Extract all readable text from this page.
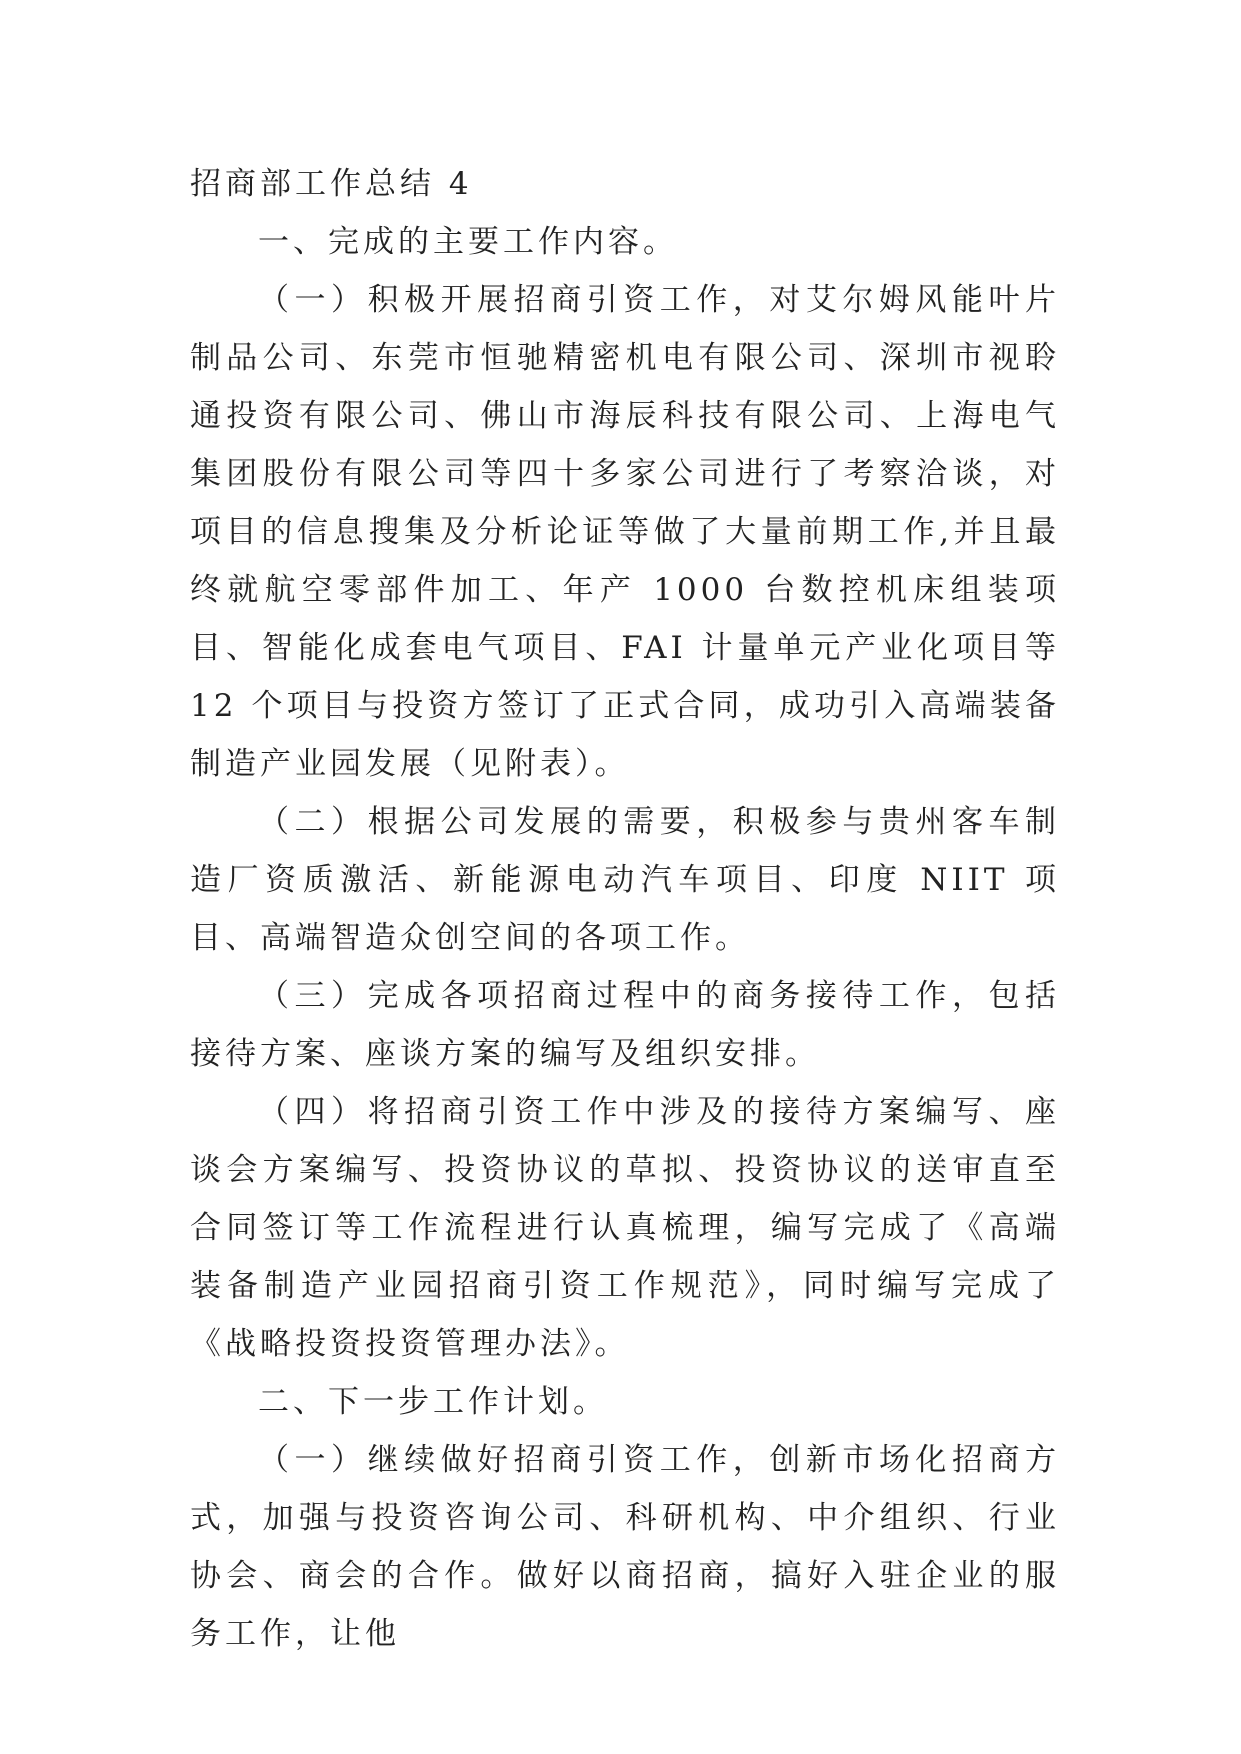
招商部工作总结 4

一、完成的主要工作内容。

（一）积极开展招商引资工作，对艾尔姆风能叶片制品公司、东莞市恒驰精密机电有限公司、深圳市视聆通投资有限公司、佛山市海辰科技有限公司、上海电气集团股份有限公司等四十多家公司进行了考察洽谈，对项目的信息搜集及分析论证等做了大量前期工作,并且最终就航空零部件加工、年产 1000 台数控机床组装项目、智能化成套电气项目、FAI 计量单元产业化项目等 12 个项目与投资方签订了正式合同，成功引入高端装备制造产业园发展（见附表）。

（二）根据公司发展的需要，积极参与贵州客车制造厂资质激活、新能源电动汽车项目、印度 NIIT 项目、高端智造众创空间的各项工作。

（三）完成各项招商过程中的商务接待工作，包括接待方案、座谈方案的编写及组织安排。

（四）将招商引资工作中涉及的接待方案编写、座谈会方案编写、投资协议的草拟、投资协议的送审直至合同签订等工作流程进行认真梳理，编写完成了《高端装备制造产业园招商引资工作规范》，同时编写完成了《战略投资投资管理办法》。

二、下一步工作计划。

（一）继续做好招商引资工作，创新市场化招商方式，加强与投资咨询公司、科研机构、中介组织、行业协会、商会的合作。做好以商招商，搞好入驻企业的服务工作，让他
